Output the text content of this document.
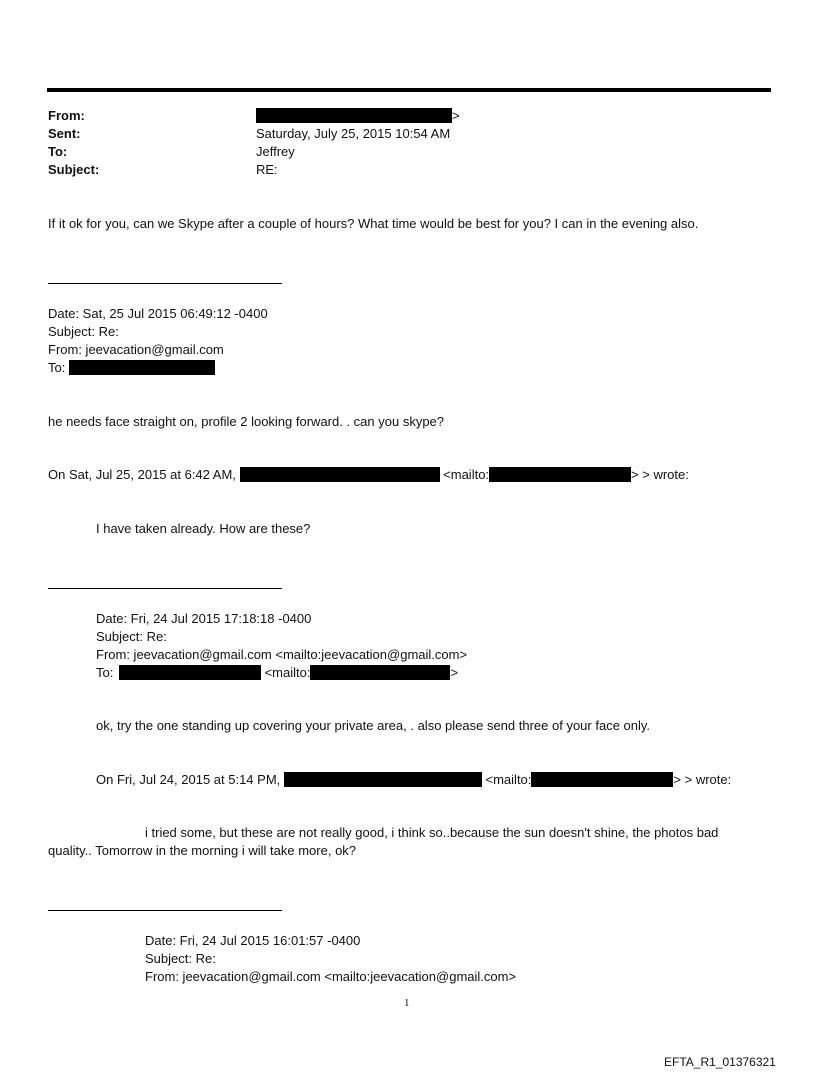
From:	>
Sent:	Saturday, July 25, 2015 10:54 AM
To:	Jeffrey
Subject:	RE:
If it ok for you, can we Skype after a couple of hours? What time would be best for you? I can in the evening also.
Date: Sat, 25 Jul 2015 06:49:12 -0400
Subject: Re:
From: jeevacation@gmail.com
To:
he needs face straight on, profile 2 looking forward. . can you skype?
On Sat, Jul 25, 2015 at 6:42 AM,	<mailto:	> > wrote:
I have taken already. How are these?
Date: Fri, 24 Jul 2015 17:18:18 -0400
Subject: Re:
From: jeevacation@gmail.com <mailto:jeevacation@gmail.com>
To:	<mailto:	>
ok, try the one standing up covering your private area, . also please send three of your face only.
On Fri, Jul 24, 2015 at 5:14 PM,	<mailto:	> > wrote:
i tried some, but these are not really good, i think so..because the sun doesn't shine, the photos bad
quality.. Tomorrow in the morning i will take more, ok?
Date: Fri, 24 Jul 2015 16:01:57 -0400
Subject: Re:
From: jeevacation@gmail.com <mailto:jeevacation@gmail.com>
1
EFTA_R1_01376321
